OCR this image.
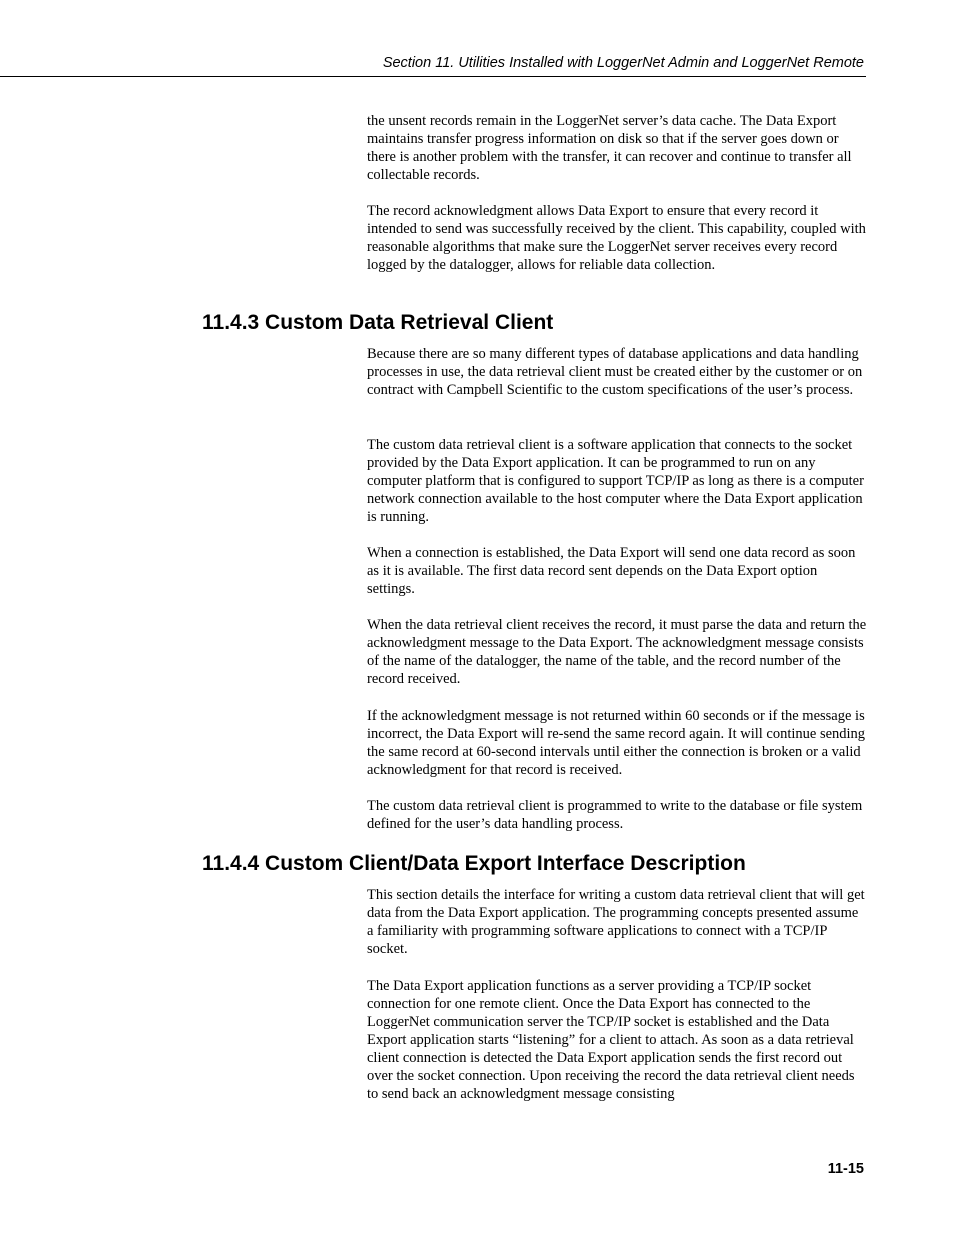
Section 11. Utilities Installed with LoggerNet Admin and LoggerNet Remote

the unsent records remain in the LoggerNet server’s data cache. The Data Export maintains transfer progress information on disk so that if the server goes down or there is another problem with the transfer, it can recover and continue to transfer all collectable records.

The record acknowledgment allows Data Export to ensure that every record it intended to send was successfully received by the client. This capability, coupled with reasonable algorithms that make sure the LoggerNet server receives every record logged by the datalogger, allows for reliable data collection.

11.4.3 Custom Data Retrieval Client

Because there are so many different types of database applications and data handling processes in use, the data retrieval client must be created either by the customer or on contract with Campbell Scientific to the custom specifications of the user’s process.

The custom data retrieval client is a software application that connects to the socket provided by the Data Export application. It can be programmed to run on any computer platform that is configured to support TCP/IP as long as there is a computer network connection available to the host computer where the Data Export application is running.

When a connection is established, the Data Export will send one data record as soon as it is available. The first data record sent depends on the Data Export option settings.

When the data retrieval client receives the record, it must parse the data and return the acknowledgment message to the Data Export. The acknowledgment message consists of the name of the datalogger, the name of the table, and the record number of the record received.

If the acknowledgment message is not returned within 60 seconds or if the message is incorrect, the Data Export will re-send the same record again. It will continue sending the same record at 60-second intervals until either the connection is broken or a valid acknowledgment for that record is received.

The custom data retrieval client is programmed to write to the database or file system defined for the user’s data handling process.

11.4.4 Custom Client/Data Export Interface Description

This section details the interface for writing a custom data retrieval client that will get data from the Data Export application. The programming concepts presented assume a familiarity with programming software applications to connect with a TCP/IP socket.

The Data Export application functions as a server providing a TCP/IP socket connection for one remote client. Once the Data Export has connected to the LoggerNet communication server the TCP/IP socket is established and the Data Export application starts “listening” for a client to attach. As soon as a data retrieval client connection is detected the Data Export application sends the first record out over the socket connection. Upon receiving the record the data retrieval client needs to send back an acknowledgment message consisting

11-15
